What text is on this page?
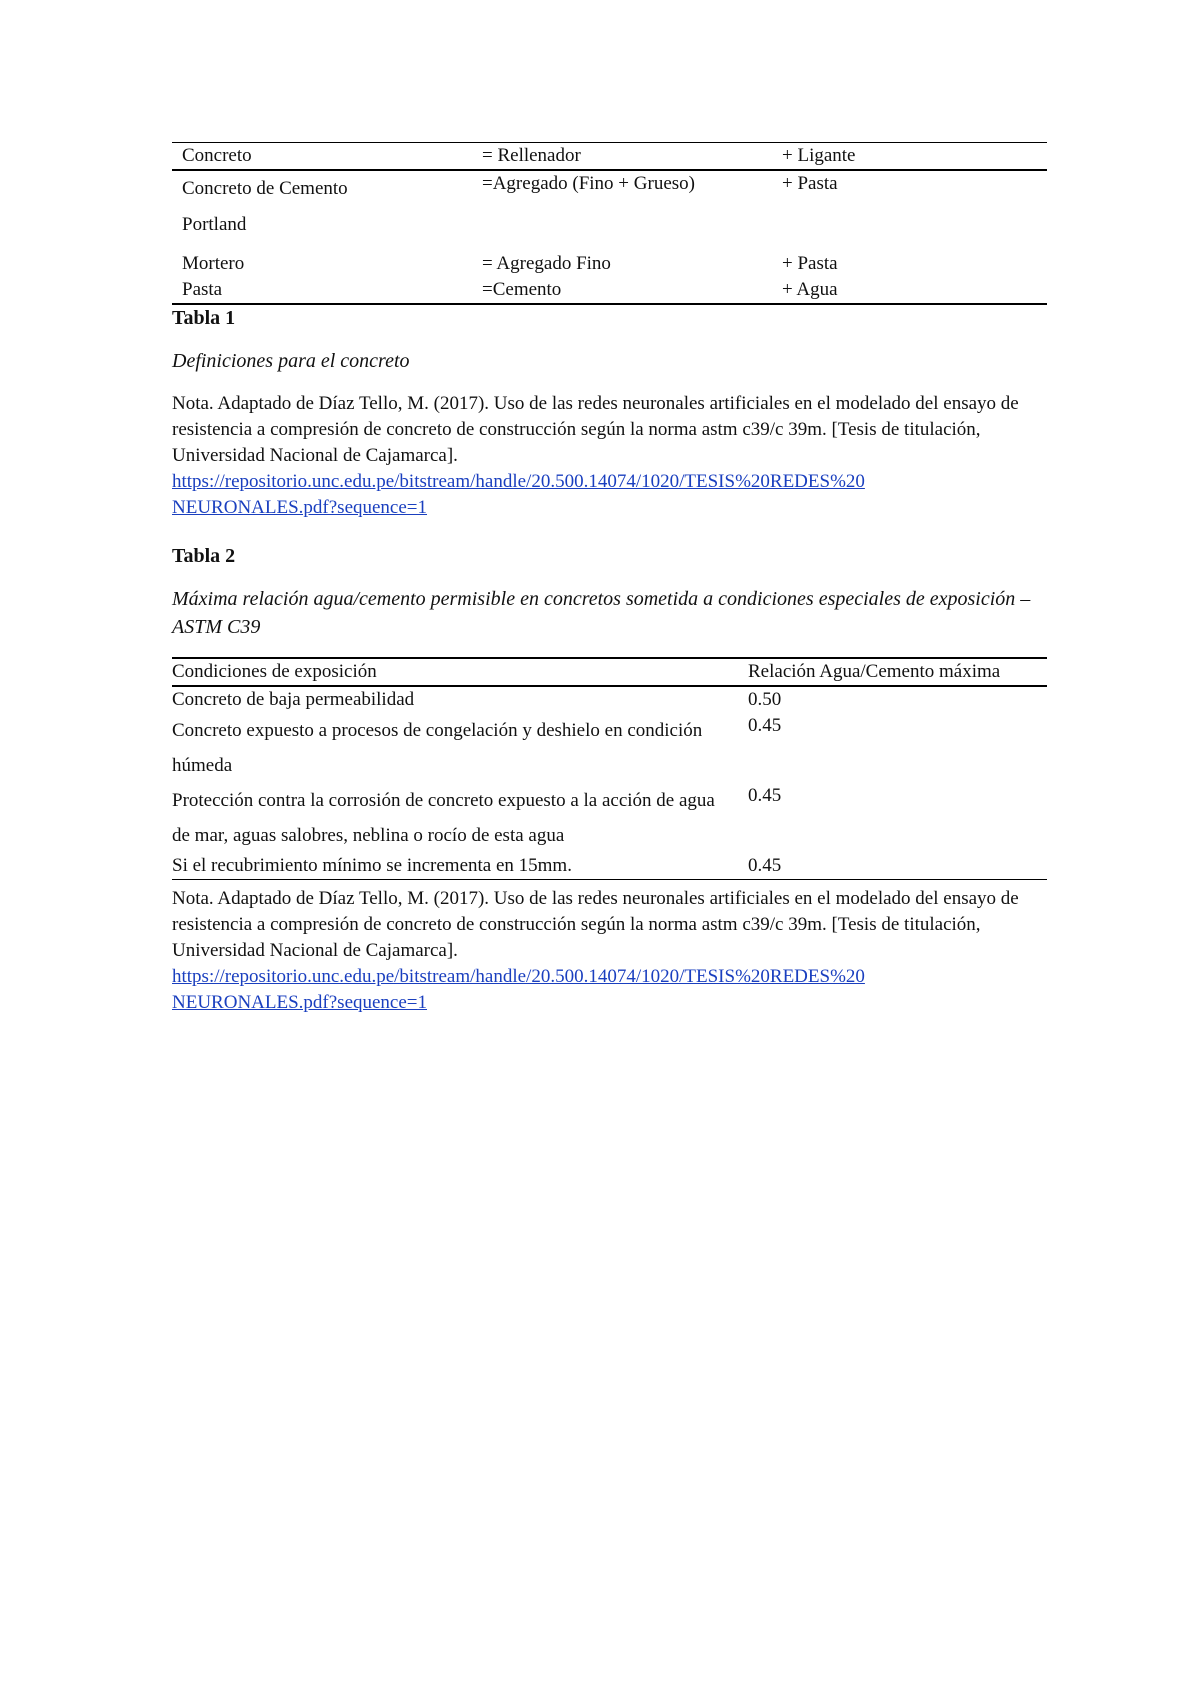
Concreto	= Rellenador	+ Ligante
Concreto de Cemento Portland	=Agregado (Fino + Grueso)	+ Pasta
Mortero	= Agregado Fino	+ Pasta
Pasta	=Cemento	+ Agua

Tabla 1

Definiciones para el concreto

Nota. Adaptado de Díaz Tello, M. (2017). Uso de las redes neuronales artificiales en el modelado del ensayo de resistencia a compresión de concreto de construcción según la norma astm c39/c 39m. [Tesis de titulación, Universidad Nacional de Cajamarca].

https://repositorio.unc.edu.pe/bitstream/handle/20.500.14074/1020/TESIS%20REDES%20NEURONALES.pdf?sequence=1

Tabla 2

Máxima relación agua/cemento permisible en concretos sometida a condiciones especiales de exposición – ASTM C39

Condiciones de exposición	Relación Agua/Cemento máxima
Concreto de baja permeabilidad	0.50
Concreto expuesto a procesos de congelación y deshielo en condición húmeda	0.45
Protección contra la corrosión de concreto expuesto a la acción de agua de mar, aguas salobres, neblina o rocío de esta agua	0.45
Si el recubrimiento mínimo se incrementa en 15mm.	0.45

Nota. Adaptado de Díaz Tello, M. (2017). Uso de las redes neuronales artificiales en el modelado del ensayo de resistencia a compresión de concreto de construcción según la norma astm c39/c 39m. [Tesis de titulación, Universidad Nacional de Cajamarca].

https://repositorio.unc.edu.pe/bitstream/handle/20.500.14074/1020/TESIS%20REDES%20NEURONALES.pdf?sequence=1
